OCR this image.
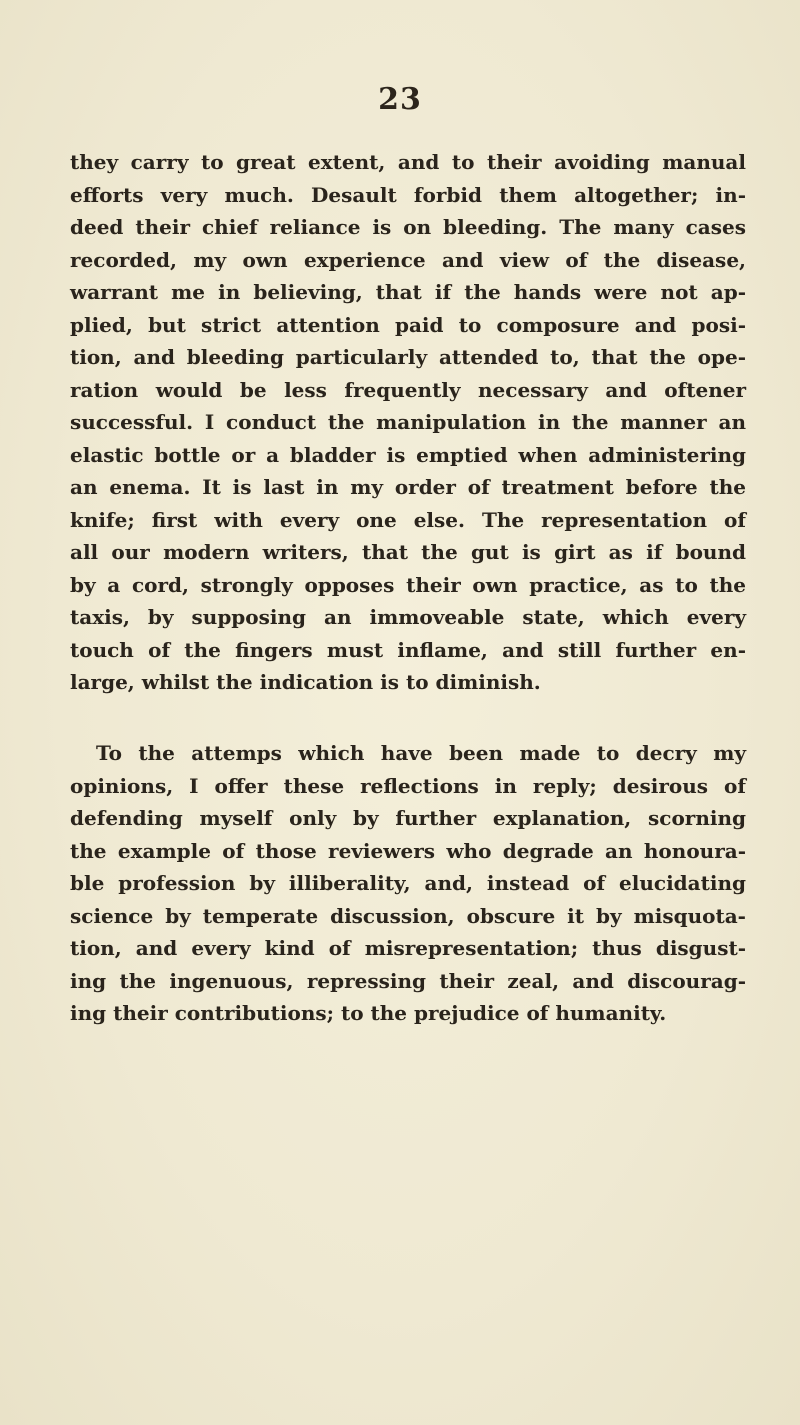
23
they carry to great extent, and to their avoiding manual
efforts very much. Desault forbid them altogether; in-
deed their chief reliance is on bleeding. The many cases
recorded, my own experience and view of the disease,
warrant me in believing, that if the hands were not ap-
plied, but strict attention paid to composure and posi-
tion, and bleeding particularly attended to, that the ope-
ration would be less frequently necessary and oftener
successful. I conduct the manipulation in the manner an
elastic bottle or a bladder is emptied when administering
an enema. It is last in my order of treatment before the
knife; first with every one else. The representation of
all our modern writers, that the gut is girt as if bound
by a cord, strongly opposes their own practice, as to the
taxis, by supposing an immoveable state, which every
touch of the fingers must inflame, and still further en-
large, whilst the indication is to diminish.
To the attemps which have been made to decry my
opinions, I offer these reflections in reply; desirous of
defending myself only by further explanation, scorning
the example of those reviewers who degrade an honoura-
ble profession by illiberality, and, instead of elucidating
science by temperate discussion, obscure it by misquota-
tion, and every kind of misrepresentation; thus disgust-
ing the ingenuous, repressing their zeal, and discourag-
ing their contributions; to the prejudice of humanity.
